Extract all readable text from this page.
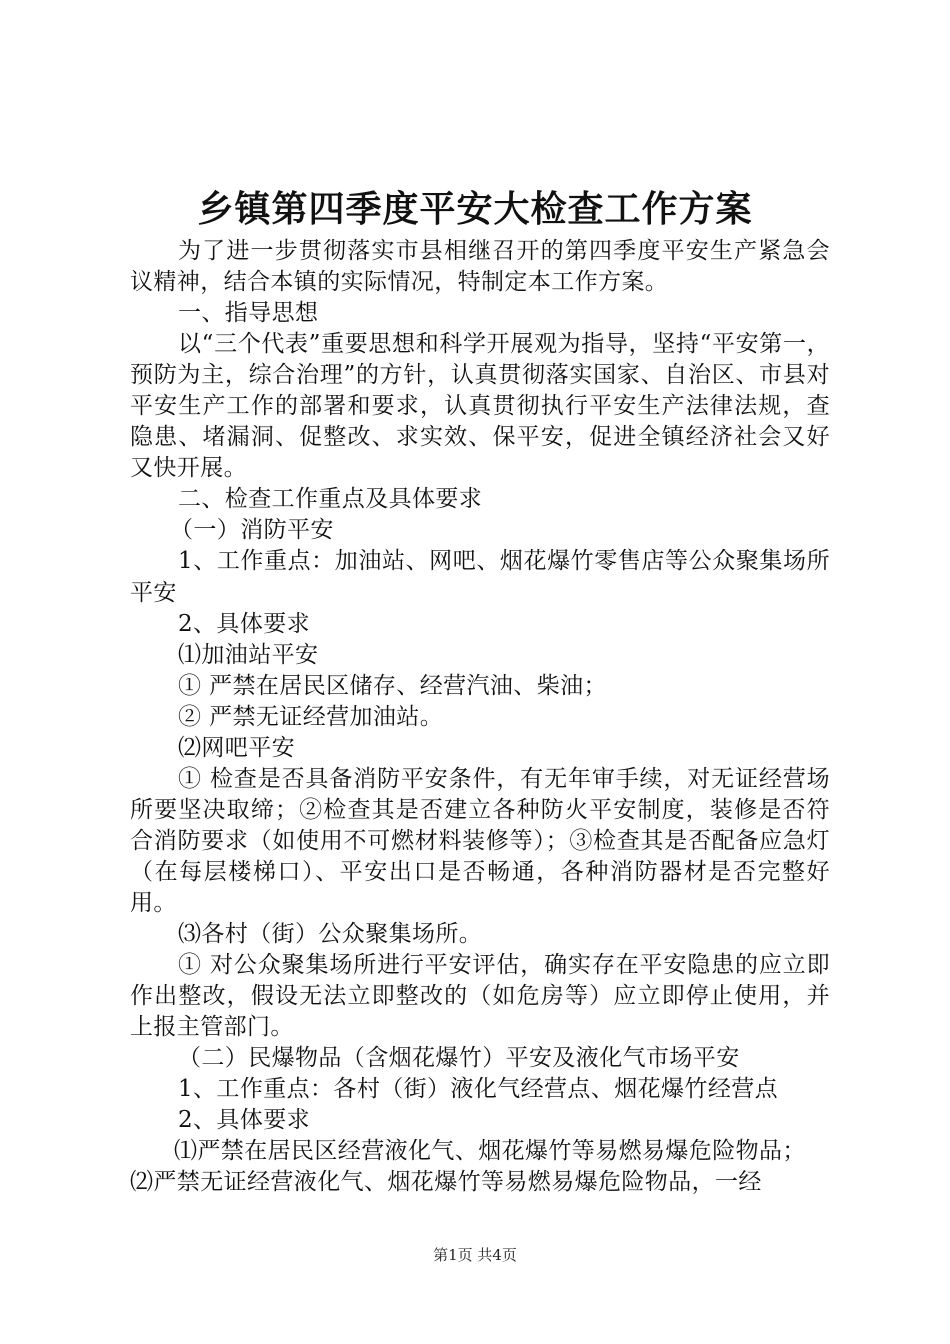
乡镇第四季度平安大检查工作方案

为了进一步贯彻落实市县相继召开的第四季度平安生产紧急会议精神，结合本镇的实际情况，特制定本工作方案。

一、指导思想

以“三个代表”重要思想和科学开展观为指导，坚持“平安第一，预防为主，综合治理”的方针，认真贯彻落实国家、自治区、市县对平安生产工作的部署和要求，认真贯彻执行平安生产法律法规，查隐患、堵漏洞、促整改、求实效、保平安，促进全镇经济社会又好又快开展。

二、检查工作重点及具体要求

（一）消防平安

1、工作重点：加油站、网吧、烟花爆竹零售店等公众聚集场所平安

2、具体要求

⑴加油站平安

① 严禁在居民区储存、经营汽油、柴油；

② 严禁无证经营加油站。

⑵网吧平安

① 检查是否具备消防平安条件，有无年审手续，对无证经营场所要坚决取缔；②检查其是否建立各种防火平安制度，装修是否符合消防要求（如使用不可燃材料装修等）；③检查其是否配备应急灯（在每层楼梯口）、平安出口是否畅通，各种消防器材是否完整好用。

⑶各村（街）公众聚集场所。

① 对公众聚集场所进行平安评估，确实存在平安隐患的应立即作出整改，假设无法立即整改的（如危房等）应立即停止使用，并上报主管部门。

（二）民爆物品（含烟花爆竹）平安及液化气市场平安

1、工作重点：各村（街）液化气经营点、烟花爆竹经营点

2、具体要求

⑴严禁在居民区经营液化气、烟花爆竹等易燃易爆危险物品；

⑵严禁无证经营液化气、烟花爆竹等易燃易爆危险物品，一经

第1页 共4页
